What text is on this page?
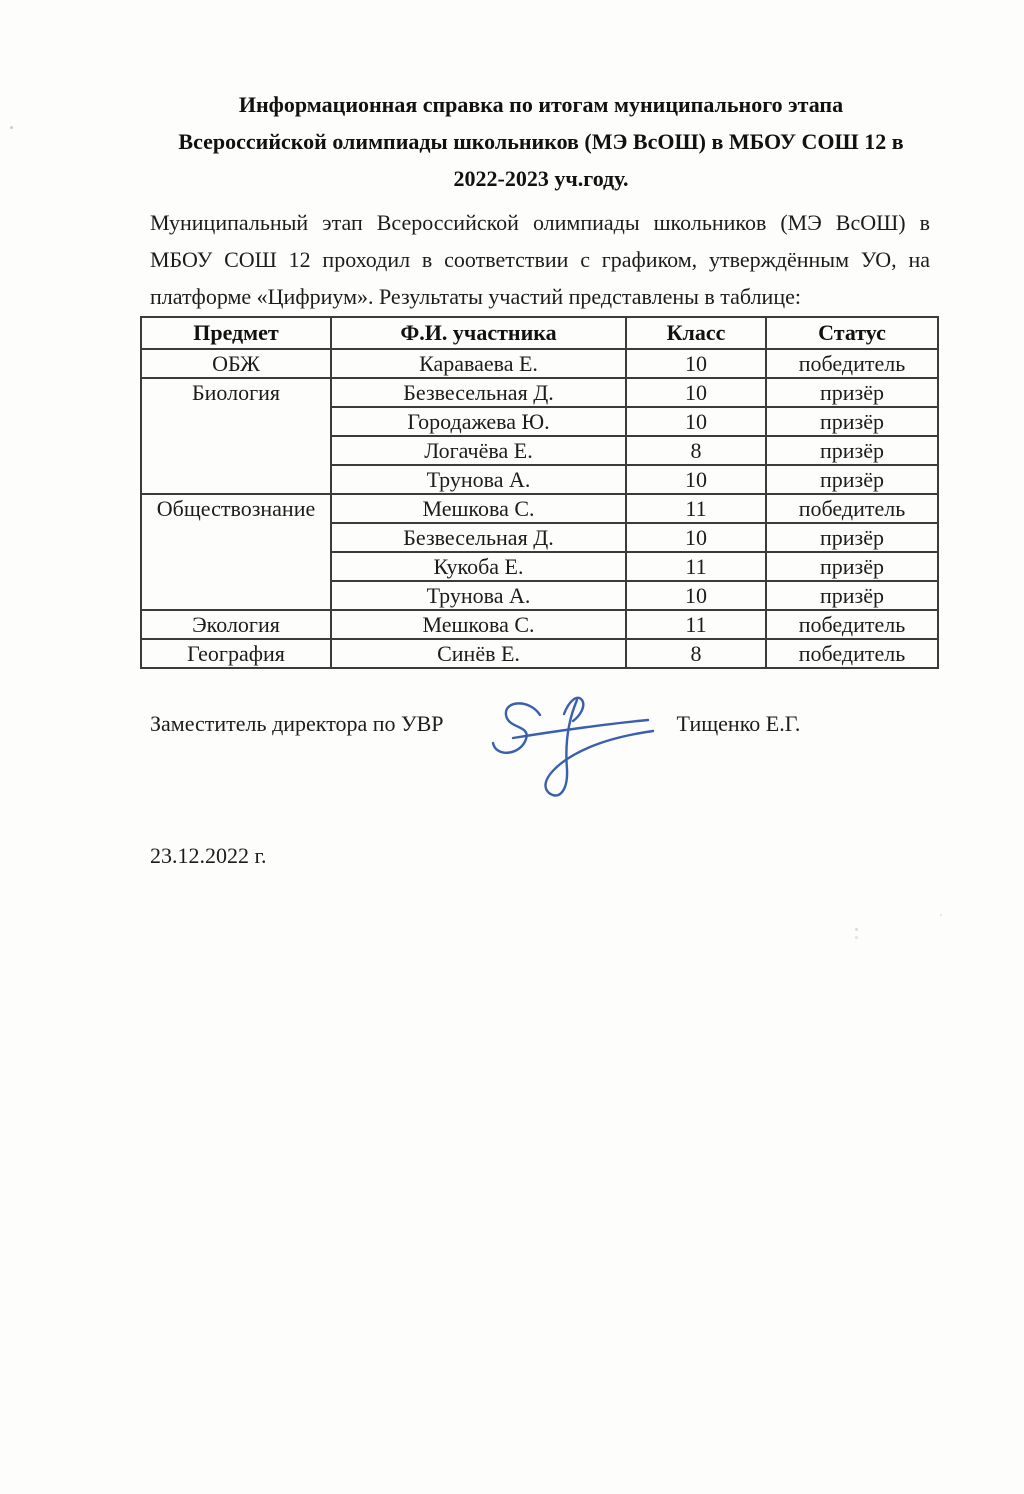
Информационная справка по итогам муниципального этапа
Всероссийской олимпиады школьников (МЭ ВсОШ) в МБОУ СОШ 12 в
2022-2023 уч.году.

Муниципальный этап Всероссийской олимпиады школьников (МЭ ВсОШ) в МБОУ СОШ 12 проходил в соответствии с графиком, утверждённым УО, на платформе «Цифриум». Результаты участий представлены в таблице:

Предмет	Ф.И. участника	Класс	Статус
ОБЖ	Караваева Е.	10	победитель
Биология	Безвесельная Д.	10	призёр
	Городажева Ю.	10	призёр
	Логачёва Е.	8	призёр
	Трунова А.	10	призёр
Обществознание	Мешкова С.	11	победитель
	Безвесельная Д.	10	призёр
	Кукоба Е.	11	призёр
	Трунова А.	10	призёр
Экология	Мешкова С.	11	победитель
География	Синёв Е.	8	победитель
Заместитель директора по УВР	Тищенко Е.Г.
23.12.2022 г.
